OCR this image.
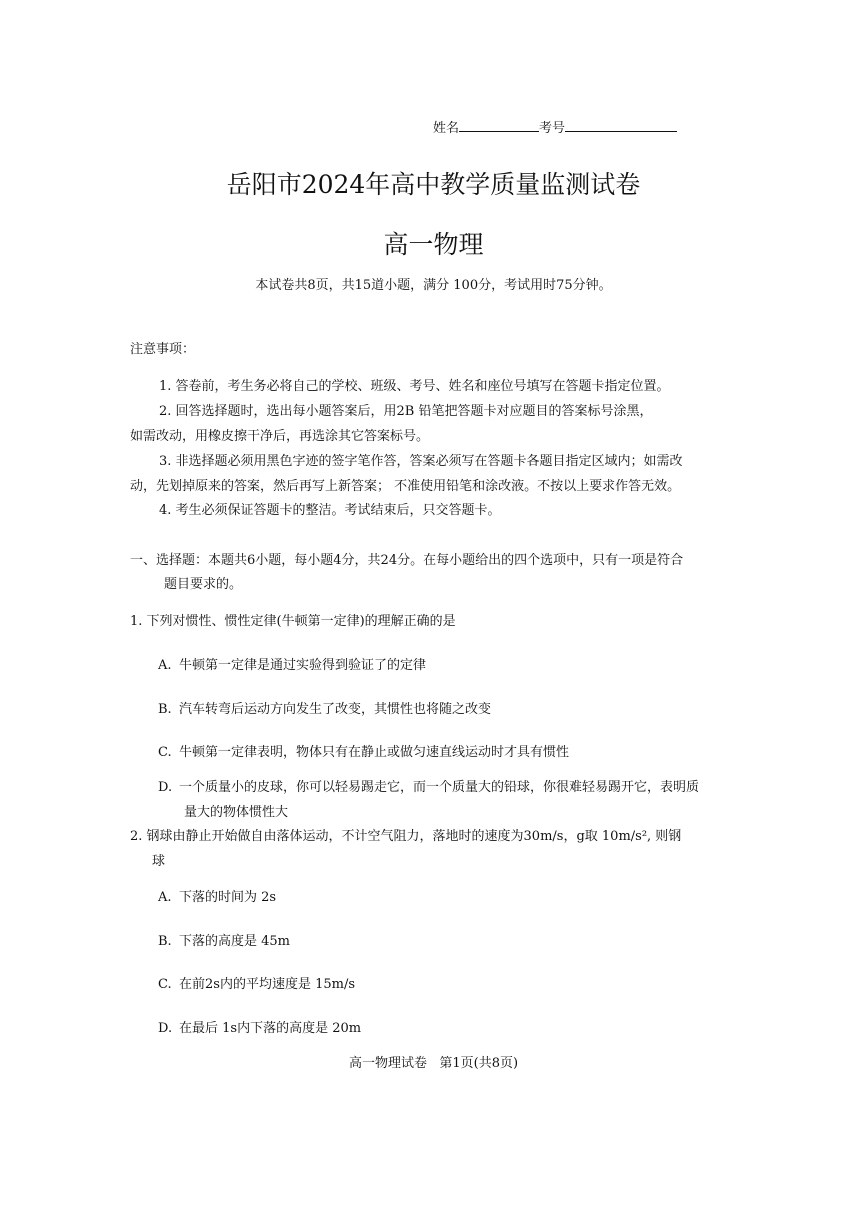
姓名	考号
岳阳市2024年高中教学质量监测试卷
高一物理
本试卷共8页，共15道小题，满分 100分，考试用时75分钟。
注意事项：
1. 答卷前，考生务必将自己的学校、班级、考号、姓名和座位号填写在答题卡指定位置。
2. 回答选择题时，选出每小题答案后，用2B 铅笔把答题卡对应题目的答案标号涂黑，
如需改动，用橡皮擦干净后，再选涂其它答案标号。
3. 非选择题必须用黑色字迹的签字笔作答，答案必须写在答题卡各题目指定区域内；如需改
动，先划掉原来的答案，然后再写上新答案； 不准使用铅笔和涂改液。不按以上要求作答无效。
4. 考生必须保证答题卡的整洁。考试结束后，只交答题卡。
一、选择题：本题共6小题，每小题4分，共24分。在每小题给出的四个选项中，只有一项是符合
题目要求的。
1. 下列对惯性、惯性定律(牛顿第一定律)的理解正确的是
A. 牛顿第一定律是通过实验得到验证了的定律
B. 汽车转弯后运动方向发生了改变，其惯性也将随之改变
C. 牛顿第一定律表明，物体只有在静止或做匀速直线运动时才具有惯性
D. 一个质量小的皮球，你可以轻易踢走它，而一个质量大的铅球，你很难轻易踢开它，表明质
量大的物体惯性大
2. 钢球由静止开始做自由落体运动，不计空气阻力，落地时的速度为30m/s，g取 10m/s², 则钢
球
A. 下落的时间为 2s
B. 下落的高度是 45m
C. 在前2s内的平均速度是 15m/s
D. 在最后 1s内下落的高度是 20m
高一物理试卷   第1页(共8页)
